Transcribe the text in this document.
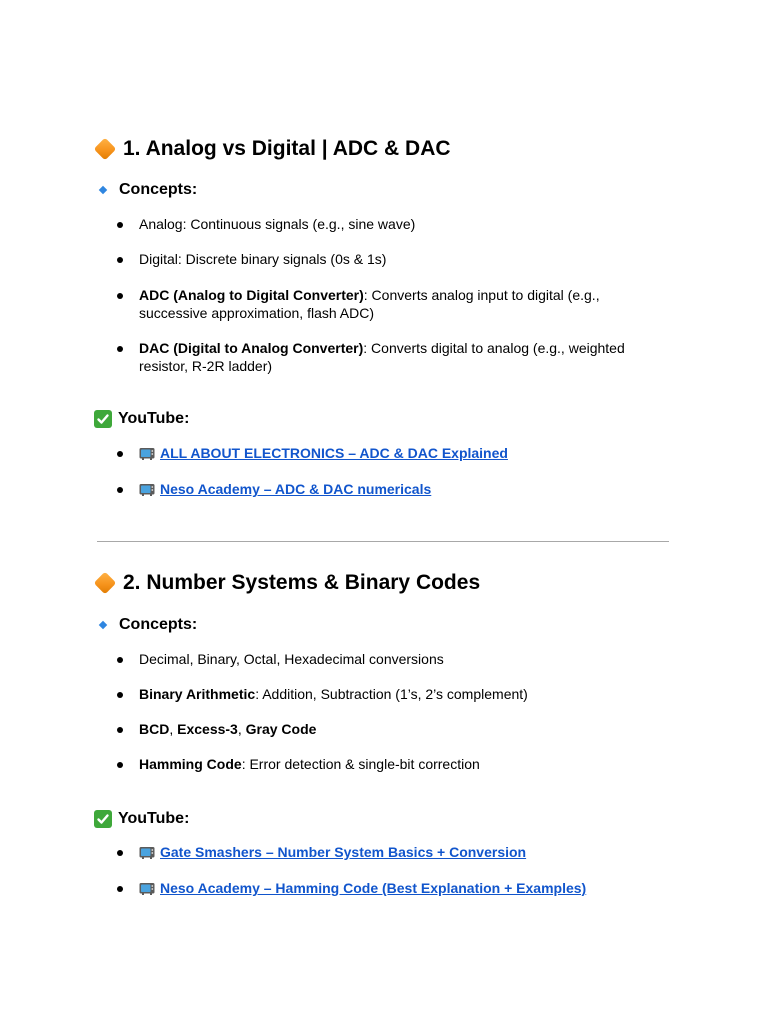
1. Analog vs Digital | ADC & DAC
Concepts:
Analog: Continuous signals (e.g., sine wave)
Digital: Discrete binary signals (0s & 1s)
ADC (Analog to Digital Converter): Converts analog input to digital (e.g., successive approximation, flash ADC)
DAC (Digital to Analog Converter): Converts digital to analog (e.g., weighted resistor, R-2R ladder)
YouTube:
ALL ABOUT ELECTRONICS – ADC & DAC Explained
Neso Academy – ADC & DAC numericals
2. Number Systems & Binary Codes
Concepts:
Decimal, Binary, Octal, Hexadecimal conversions
Binary Arithmetic: Addition, Subtraction (1’s, 2’s complement)
BCD, Excess-3, Gray Code
Hamming Code: Error detection & single-bit correction
YouTube:
Gate Smashers – Number System Basics + Conversion
Neso Academy – Hamming Code (Best Explanation + Examples)
